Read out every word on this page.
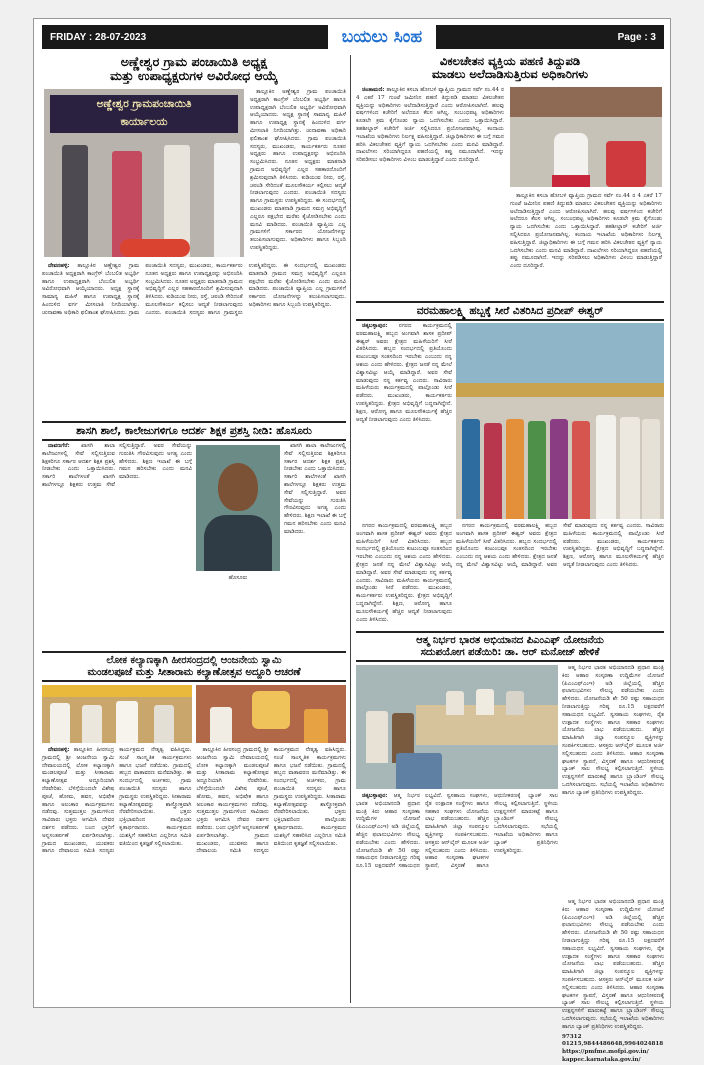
FRIDAY : 28-07-2023	ಬಯಲು ಸಿಂಹ	Page : 3
ಅಣ್ಣೇಶ್ವರ ಗ್ರಾಮ ಪಂಚಾಯಿತಿ ಅಧ್ಯಕ್ಷ
ಮತ್ತು ಉಪಾಧ್ಯಕ್ಷರುಗಳ ಅವಿರೋಧ ಆಯ್ಕೆ
ಅಣ್ಣೇಶ್ವರ ಗ್ರಾಮಪಂಚಾಯಿತಿ
ಕಾರ್ಯಾಲಯ

ತಾಲ್ಲೂಕಿನ ಅಣ್ಣೇಶ್ವರ ಗ್ರಾಮ ಪಂಚಾಯಿತಿ ಅಧ್ಯಕ್ಷರಾಗಿ ಕಾಂಗ್ರೆಸ್ ಬೆಂಬಲಿತ ಅಭ್ಯರ್ಥಿ ಹಾಗೂ ಉಪಾಧ್ಯಕ್ಷರಾಗಿ ಬೆಂಬಲಿತ ಅಭ್ಯರ್ಥಿ ಅವಿರೋಧವಾಗಿ ಆಯ್ಕೆಯಾದರು. ಅಧ್ಯಕ್ಷ ಸ್ಥಾನಕ್ಕೆ ಸಾಮಾನ್ಯ ಮಹಿಳೆ ಹಾಗೂ ಉಪಾಧ್ಯಕ್ಷ ಸ್ಥಾನಕ್ಕೆ ಹಿಂದುಳಿದ ವರ್ಗ ಮೀಸಲಾತಿ ನಿಗದಿಯಾಗಿತ್ತು. ಚುನಾವಣಾ ಅಧಿಕಾರಿ ಫಲಿತಾಂಶ ಘೋಷಿಸಿದರು. ಗ್ರಾಮ ಪಂಚಾಯಿತಿ ಸದಸ್ಯರು, ಮುಖಂಡರು, ಕಾರ್ಯಕರ್ತರು ನೂತನ ಅಧ್ಯಕ್ಷರು ಹಾಗೂ ಉಪಾಧ್ಯಕ್ಷರನ್ನು ಅಭಿನಂದಿಸಿ ಸಂಭ್ರಮಿಸಿದರು. ನೂತನ ಅಧ್ಯಕ್ಷರು ಮಾತನಾಡಿ ಗ್ರಾಮದ ಅಭಿವೃದ್ಧಿಗೆ ಎಲ್ಲರ ಸಹಕಾರದೊಂದಿಗೆ ಶ್ರಮಿಸುವುದಾಗಿ ತಿಳಿಸಿದರು. ಕುಡಿಯುವ ನೀರು, ರಸ್ತೆ, ಚರಂಡಿ ಸೇರಿದಂತೆ ಮೂಲಸೌಕರ್ಯ ಕಲ್ಪಿಸಲು ಆದ್ಯತೆ ನೀಡಲಾಗುವುದು ಎಂದರು. ಪಂಚಾಯಿತಿ ಸದಸ್ಯರು ಹಾಗೂ ಗ್ರಾಮಸ್ಥರು ಉಪಸ್ಥಿತರಿದ್ದರು. ಈ ಸಂದರ್ಭದಲ್ಲಿ ಮುಖಂಡರು ಮಾತನಾಡಿ ಗ್ರಾಮದ ಸಮಗ್ರ ಅಭಿವೃದ್ಧಿಗೆ ಎಲ್ಲರೂ ಪಕ್ಷಭೇದ ಮರೆತು ಕೈಜೋಡಿಸಬೇಕು ಎಂದು ಮನವಿ ಮಾಡಿದರು. ಪಂಚಾಯಿತಿ ವ್ಯಾಪ್ತಿಯ ಎಲ್ಲ ಗ್ರಾಮಗಳಿಗೆ ಸರ್ಕಾರದ ಯೋಜನೆಗಳನ್ನು ತಲುಪಿಸಲಾಗುವುದು. ಅಧಿಕಾರಿಗಳು ಹಾಗೂ ಸಿಬ್ಬಂದಿ ಉಪಸ್ಥಿತರಿದ್ದರು.

ದೇವನಹಳ್ಳಿ: ತಾಲ್ಲೂಕಿನ ಅಣ್ಣೇಶ್ವರ ಗ್ರಾಮ ಪಂಚಾಯಿತಿ ಅಧ್ಯಕ್ಷರಾಗಿ ಕಾಂಗ್ರೆಸ್ ಬೆಂಬಲಿತ ಅಭ್ಯರ್ಥಿ ಹಾಗೂ ಉಪಾಧ್ಯಕ್ಷರಾಗಿ ಬೆಂಬಲಿತ ಅಭ್ಯರ್ಥಿ ಅವಿರೋಧವಾಗಿ ಆಯ್ಕೆಯಾದರು. ಅಧ್ಯಕ್ಷ ಸ್ಥಾನಕ್ಕೆ ಸಾಮಾನ್ಯ ಮಹಿಳೆ ಹಾಗೂ ಉಪಾಧ್ಯಕ್ಷ ಸ್ಥಾನಕ್ಕೆ ಹಿಂದುಳಿದ ವರ್ಗ ಮೀಸಲಾತಿ ನಿಗದಿಯಾಗಿತ್ತು. ಚುನಾವಣಾ ಅಧಿಕಾರಿ ಫಲಿತಾಂಶ ಘೋಷಿಸಿದರು. ಗ್ರಾಮ ಪಂಚಾಯಿತಿ ಸದಸ್ಯರು, ಮುಖಂಡರು, ಕಾರ್ಯಕರ್ತರು ನೂತನ ಅಧ್ಯಕ್ಷರು ಹಾಗೂ ಉಪಾಧ್ಯಕ್ಷರನ್ನು ಅಭಿನಂದಿಸಿ ಸಂಭ್ರಮಿಸಿದರು. ನೂತನ ಅಧ್ಯಕ್ಷರು ಮಾತನಾಡಿ ಗ್ರಾಮದ ಅಭಿವೃದ್ಧಿಗೆ ಎಲ್ಲರ ಸಹಕಾರದೊಂದಿಗೆ ಶ್ರಮಿಸುವುದಾಗಿ ತಿಳಿಸಿದರು. ಕುಡಿಯುವ ನೀರು, ರಸ್ತೆ, ಚರಂಡಿ ಸೇರಿದಂತೆ ಮೂಲಸೌಕರ್ಯ ಕಲ್ಪಿಸಲು ಆದ್ಯತೆ ನೀಡಲಾಗುವುದು ಎಂದರು. ಪಂಚಾಯಿತಿ ಸದಸ್ಯರು ಹಾಗೂ ಗ್ರಾಮಸ್ಥರು ಉಪಸ್ಥಿತರಿದ್ದರು. ಈ ಸಂದರ್ಭದಲ್ಲಿ ಮುಖಂಡರು ಮಾತನಾಡಿ ಗ್ರಾಮದ ಸಮಗ್ರ ಅಭಿವೃದ್ಧಿಗೆ ಎಲ್ಲರೂ ಪಕ್ಷಭೇದ ಮರೆತು ಕೈಜೋಡಿಸಬೇಕು ಎಂದು ಮನವಿ ಮಾಡಿದರು. ಪಂಚಾಯಿತಿ ವ್ಯಾಪ್ತಿಯ ಎಲ್ಲ ಗ್ರಾಮಗಳಿಗೆ ಸರ್ಕಾರದ ಯೋಜನೆಗಳನ್ನು ತಲುಪಿಸಲಾಗುವುದು. ಅಧಿಕಾರಿಗಳು ಹಾಗೂ ಸಿಬ್ಬಂದಿ ಉಪಸ್ಥಿತರಿದ್ದರು.

ಶಾಸಗಿ ಶಾಲೆ, ಕಾಲೇಜುಗಳಿಗೂ ಆದರ್ಶ ಶಿಕ್ಷಕ ಪ್ರಶಸ್ತಿ ನೀಡಿ: ಹೊಸೂರು

ದಾವಣಗೆರೆ: ಖಾಸಗಿ ಶಾಲಾ ಕಾಲೇಜುಗಳಲ್ಲಿ ಸೇವೆ ಸಲ್ಲಿಸುತ್ತಿರುವ ಶಿಕ್ಷಕರಿಗೂ ಸರ್ಕಾರ ಆದರ್ಶ ಶಿಕ್ಷಕ ಪ್ರಶಸ್ತಿ ನೀಡಬೇಕು ಎಂದು ಒತ್ತಾಯಿಸಿದರು. ಸರ್ಕಾರಿ ಶಾಲೆಗಳಂತೆ ಖಾಸಗಿ ಶಾಲೆಗಳಲ್ಲೂ ಶಿಕ್ಷಕರು ಉತ್ತಮ ಸೇವೆ ಸಲ್ಲಿಸುತ್ತಿದ್ದಾರೆ. ಅವರ ಸೇವೆಯನ್ನು ಗುರುತಿಸಿ ಗೌರವಿಸುವುದು ಅಗತ್ಯ ಎಂದು ಹೇಳಿದರು. ಶಿಕ್ಷಣ ಇಲಾಖೆ ಈ ಬಗ್ಗೆ ಗಮನ ಹರಿಸಬೇಕು ಎಂದು ಮನವಿ ಮಾಡಿದರು.

ಹೊಸೂರು

ಖಾಸಗಿ ಶಾಲಾ ಕಾಲೇಜುಗಳಲ್ಲಿ ಸೇವೆ ಸಲ್ಲಿಸುತ್ತಿರುವ ಶಿಕ್ಷಕರಿಗೂ ಸರ್ಕಾರ ಆದರ್ಶ ಶಿಕ್ಷಕ ಪ್ರಶಸ್ತಿ ನೀಡಬೇಕು ಎಂದು ಒತ್ತಾಯಿಸಿದರು. ಸರ್ಕಾರಿ ಶಾಲೆಗಳಂತೆ ಖಾಸಗಿ ಶಾಲೆಗಳಲ್ಲೂ ಶಿಕ್ಷಕರು ಉತ್ತಮ ಸೇವೆ ಸಲ್ಲಿಸುತ್ತಿದ್ದಾರೆ. ಅವರ ಸೇವೆಯನ್ನು ಗುರುತಿಸಿ ಗೌರವಿಸುವುದು ಅಗತ್ಯ ಎಂದು ಹೇಳಿದರು. ಶಿಕ್ಷಣ ಇಲಾಖೆ ಈ ಬಗ್ಗೆ ಗಮನ ಹರಿಸಬೇಕು ಎಂದು ಮನವಿ ಮಾಡಿದರು.

ಲೋಕ ಕಲ್ಯಾಣಕ್ಕಾಗಿ ಹೀರಸಂದ್ರದಲ್ಲಿ ಆಂಜನೇಯ ಸ್ವಾಮಿ
ಮಂಡಲಪೂಜೆ ಮತ್ತು ಸೀತಾರಾಮ ಕಲ್ಯಾಣೋತ್ಸವ ಅದ್ದೂರಿ ಆಚರಣೆ

ದೇವನಹಳ್ಳಿ: ತಾಲ್ಲೂಕಿನ ಹೀರಸಂದ್ರ ಗ್ರಾಮದಲ್ಲಿ ಶ್ರೀ ಆಂಜನೇಯ ಸ್ವಾಮಿ ದೇವಾಲಯದಲ್ಲಿ ಲೋಕ ಕಲ್ಯಾಣಕ್ಕಾಗಿ ಮಂಡಲಪೂಜೆ ಮತ್ತು ಸೀತಾರಾಮ ಕಲ್ಯಾಣೋತ್ಸವ ಅದ್ದೂರಿಯಾಗಿ ನೆರವೇರಿತು. ಬೆಳಿಗ್ಗೆಯಿಂದಲೇ ವಿಶೇಷ ಪೂಜೆ, ಹೋಮ, ಹವನ, ಅಭಿಷೇಕ ಹಾಗೂ ಅಲಂಕಾರ ಕಾರ್ಯಕ್ರಮಗಳು ನಡೆದವು. ಸುತ್ತಮುತ್ತಲ ಗ್ರಾಮಗಳಿಂದ ಸಾವಿರಾರು ಭಕ್ತರು ಆಗಮಿಸಿ ದೇವರ ದರ್ಶನ ಪಡೆದರು. ಬಂದ ಭಕ್ತರಿಗೆ ಅನ್ನಸಂತರ್ಪಣೆ ಏರ್ಪಡಿಸಲಾಗಿತ್ತು. ಗ್ರಾಮದ ಮುಖಂಡರು, ಯುವಕರು ಹಾಗೂ ದೇವಾಲಯ ಸಮಿತಿ ಸದಸ್ಯರು ಕಾರ್ಯಕ್ರಮದ ನೇತೃತ್ವ ವಹಿಸಿದ್ದರು. ಸಂಜೆ ಸಾಂಸ್ಕೃತಿಕ ಕಾರ್ಯಕ್ರಮಗಳು ಹಾಗೂ ಭಜನೆ ನಡೆಯಿತು. ಗ್ರಾಮದಲ್ಲಿ ಹಬ್ಬದ ವಾತಾವರಣ ಮನೆಮಾಡಿತ್ತು. ಈ ಸಂದರ್ಭದಲ್ಲಿ ಅರ್ಚಕರು, ಗ್ರಾಮ ಪಂಚಾಯಿತಿ ಸದಸ್ಯರು ಹಾಗೂ ಗ್ರಾಮಸ್ಥರು ಉಪಸ್ಥಿತರಿದ್ದರು. ಸೀತಾರಾಮ ಕಲ್ಯಾಣೋತ್ಸವವನ್ನು ಶಾಸ್ತ್ರೋಕ್ತವಾಗಿ ನೆರವೇರಿಸಲಾಯಿತು. ಭಕ್ತರು ಭಕ್ತಿಭಾವದಿಂದ ಪಾಲ್ಗೊಂಡು ಕೃತಾರ್ಥರಾದರು. ಕಾರ್ಯಕ್ರಮದ ಯಶಸ್ಸಿಗೆ ಸಹಕರಿಸಿದ ಎಲ್ಲರಿಗೂ ಸಮಿತಿ ವತಿಯಿಂದ ಕೃತಜ್ಞತೆ ಸಲ್ಲಿಸಲಾಯಿತು.

ತಾಲ್ಲೂಕಿನ ಹೀರಸಂದ್ರ ಗ್ರಾಮದಲ್ಲಿ ಶ್ರೀ ಆಂಜನೇಯ ಸ್ವಾಮಿ ದೇವಾಲಯದಲ್ಲಿ ಲೋಕ ಕಲ್ಯಾಣಕ್ಕಾಗಿ ಮಂಡಲಪೂಜೆ ಮತ್ತು ಸೀತಾರಾಮ ಕಲ್ಯಾಣೋತ್ಸವ ಅದ್ದೂರಿಯಾಗಿ ನೆರವೇರಿತು. ಬೆಳಿಗ್ಗೆಯಿಂದಲೇ ವಿಶೇಷ ಪೂಜೆ, ಹೋಮ, ಹವನ, ಅಭಿಷೇಕ ಹಾಗೂ ಅಲಂಕಾರ ಕಾರ್ಯಕ್ರಮಗಳು ನಡೆದವು. ಸುತ್ತಮುತ್ತಲ ಗ್ರಾಮಗಳಿಂದ ಸಾವಿರಾರು ಭಕ್ತರು ಆಗಮಿಸಿ ದೇವರ ದರ್ಶನ ಪಡೆದರು. ಬಂದ ಭಕ್ತರಿಗೆ ಅನ್ನಸಂತರ್ಪಣೆ ಏರ್ಪಡಿಸಲಾಗಿತ್ತು. ಗ್ರಾಮದ ಮುಖಂಡರು, ಯುವಕರು ಹಾಗೂ ದೇವಾಲಯ ಸಮಿತಿ ಸದಸ್ಯರು ಕಾರ್ಯಕ್ರಮದ ನೇತೃತ್ವ ವಹಿಸಿದ್ದರು. ಸಂಜೆ ಸಾಂಸ್ಕೃತಿಕ ಕಾರ್ಯಕ್ರಮಗಳು ಹಾಗೂ ಭಜನೆ ನಡೆಯಿತು. ಗ್ರಾಮದಲ್ಲಿ ಹಬ್ಬದ ವಾತಾವರಣ ಮನೆಮಾಡಿತ್ತು. ಈ ಸಂದರ್ಭದಲ್ಲಿ ಅರ್ಚಕರು, ಗ್ರಾಮ ಪಂಚಾಯಿತಿ ಸದಸ್ಯರು ಹಾಗೂ ಗ್ರಾಮಸ್ಥರು ಉಪಸ್ಥಿತರಿದ್ದರು. ಸೀತಾರಾಮ ಕಲ್ಯಾಣೋತ್ಸವವನ್ನು ಶಾಸ್ತ್ರೋಕ್ತವಾಗಿ ನೆರವೇರಿಸಲಾಯಿತು. ಭಕ್ತರು ಭಕ್ತಿಭಾವದಿಂದ ಪಾಲ್ಗೊಂಡು ಕೃತಾರ್ಥರಾದರು. ಕಾರ್ಯಕ್ರಮದ ಯಶಸ್ಸಿಗೆ ಸಹಕರಿಸಿದ ಎಲ್ಲರಿಗೂ ಸಮಿತಿ ವತಿಯಿಂದ ಕೃತಜ್ಞತೆ ಸಲ್ಲಿಸಲಾಯಿತು.

ವಿಕಲಚೇತನ ವ್ಯಕ್ತಿಯ ಪಹಣಿ ತಿದ್ದುಪಡಿ
ಮಾಡಲು ಅಲೆದಾಡಿಸುತ್ತಿರುವ ಅಧಿಕಾರಿಗಳು

ಚಿಂತಾಮಣಿ: ತಾಲ್ಲೂಕಿನ ಕಸಬಾ ಹೋಬಳಿ ವ್ಯಾಪ್ತಿಯ ಗ್ರಾಮದ ಸರ್ವೆ ನಂ.44 ರ 4 ಎಕರೆ 17 ಗುಂಟೆ ಜಮೀನಿನ ಪಹಣಿ ತಿದ್ದುಪಡಿ ಮಾಡಲು ವಿಕಲಚೇತನ ವ್ಯಕ್ತಿಯನ್ನು ಅಧಿಕಾರಿಗಳು ಅಲೆದಾಡಿಸುತ್ತಿದ್ದಾರೆ ಎಂದು ಆರೋಪಿಸಲಾಗಿದೆ. ಹಲವು ವರ್ಷಗಳಿಂದ ಕಚೇರಿಗೆ ಅಲೆದರೂ ಕೆಲಸ ಆಗಿಲ್ಲ. ಸಂಬಂಧಪಟ್ಟ ಅಧಿಕಾರಿಗಳು ಕೂಡಲೇ ಕ್ರಮ ಕೈಗೊಂಡು ನ್ಯಾಯ ಒದಗಿಸಬೇಕು ಎಂದು ಒತ್ತಾಯಿಸಿದ್ದಾರೆ. ತಹಶೀಲ್ದಾರ್ ಕಚೇರಿಗೆ ಅರ್ಜಿ ಸಲ್ಲಿಸಿದರೂ ಪ್ರಯೋಜನವಾಗಿಲ್ಲ. ಕಂದಾಯ ಇಲಾಖೆಯ ಅಧಿಕಾರಿಗಳು ನಿರ್ಲಕ್ಷ್ಯ ವಹಿಸುತ್ತಿದ್ದಾರೆ. ಜಿಲ್ಲಾಧಿಕಾರಿಗಳು ಈ ಬಗ್ಗೆ ಗಮನ ಹರಿಸಿ ವಿಕಲಚೇತನ ವ್ಯಕ್ತಿಗೆ ನ್ಯಾಯ ಒದಗಿಸಬೇಕು ಎಂದು ಮನವಿ ಮಾಡಿದ್ದಾರೆ. ದಾಖಲೆಗಳು ಸರಿಯಾಗಿದ್ದರೂ ಪಹಣಿಯಲ್ಲಿ ತಪ್ಪು ನಮೂದಾಗಿದೆ. ಇದನ್ನು ಸರಿಪಡಿಸಲು ಅಧಿಕಾರಿಗಳು ವಿಳಂಬ ಮಾಡುತ್ತಿದ್ದಾರೆ ಎಂದು ದೂರಿದ್ದಾರೆ.

ತಾಲ್ಲೂಕಿನ ಕಸಬಾ ಹೋಬಳಿ ವ್ಯಾಪ್ತಿಯ ಗ್ರಾಮದ ಸರ್ವೆ ನಂ.44 ರ 4 ಎಕರೆ 17 ಗುಂಟೆ ಜಮೀನಿನ ಪಹಣಿ ತಿದ್ದುಪಡಿ ಮಾಡಲು ವಿಕಲಚೇತನ ವ್ಯಕ್ತಿಯನ್ನು ಅಧಿಕಾರಿಗಳು ಅಲೆದಾಡಿಸುತ್ತಿದ್ದಾರೆ ಎಂದು ಆರೋಪಿಸಲಾಗಿದೆ. ಹಲವು ವರ್ಷಗಳಿಂದ ಕಚೇರಿಗೆ ಅಲೆದರೂ ಕೆಲಸ ಆಗಿಲ್ಲ. ಸಂಬಂಧಪಟ್ಟ ಅಧಿಕಾರಿಗಳು ಕೂಡಲೇ ಕ್ರಮ ಕೈಗೊಂಡು ನ್ಯಾಯ ಒದಗಿಸಬೇಕು ಎಂದು ಒತ್ತಾಯಿಸಿದ್ದಾರೆ. ತಹಶೀಲ್ದಾರ್ ಕಚೇರಿಗೆ ಅರ್ಜಿ ಸಲ್ಲಿಸಿದರೂ ಪ್ರಯೋಜನವಾಗಿಲ್ಲ. ಕಂದಾಯ ಇಲಾಖೆಯ ಅಧಿಕಾರಿಗಳು ನಿರ್ಲಕ್ಷ್ಯ ವಹಿಸುತ್ತಿದ್ದಾರೆ. ಜಿಲ್ಲಾಧಿಕಾರಿಗಳು ಈ ಬಗ್ಗೆ ಗಮನ ಹರಿಸಿ ವಿಕಲಚೇತನ ವ್ಯಕ್ತಿಗೆ ನ್ಯಾಯ ಒದಗಿಸಬೇಕು ಎಂದು ಮನವಿ ಮಾಡಿದ್ದಾರೆ. ದಾಖಲೆಗಳು ಸರಿಯಾಗಿದ್ದರೂ ಪಹಣಿಯಲ್ಲಿ ತಪ್ಪು ನಮೂದಾಗಿದೆ. ಇದನ್ನು ಸರಿಪಡಿಸಲು ಅಧಿಕಾರಿಗಳು ವಿಳಂಬ ಮಾಡುತ್ತಿದ್ದಾರೆ ಎಂದು ದೂರಿದ್ದಾರೆ.

ವರಮಹಾಲಕ್ಷ್ಮಿ ಹಬ್ಬಕ್ಕೆ ಸೀರೆ ವಿತರಿಸಿದ ಪ್ರದೀಪ್ ಈಶ್ವರ್

ಚಿಕ್ಕಬಳ್ಳಾಪುರ: ನಗರದ ಕಾರ್ಯಕ್ರಮದಲ್ಲಿ ವರಮಹಾಲಕ್ಷ್ಮಿ ಹಬ್ಬದ ಅಂಗವಾಗಿ ಶಾಸಕ ಪ್ರದೀಪ್ ಈಶ್ವರ್ ಅವರು ಕ್ಷೇತ್ರದ ಮಹಿಳೆಯರಿಗೆ ಸೀರೆ ವಿತರಿಸಿದರು. ಹಬ್ಬದ ಸಂದರ್ಭದಲ್ಲಿ ಪ್ರತಿಯೊಂದು ಕುಟುಂಬವೂ ಸಂತಸದಿಂದ ಇರಬೇಕು ಎಂಬುದು ನನ್ನ ಆಶಯ ಎಂದು ಹೇಳಿದರು. ಕ್ಷೇತ್ರದ ಜನತೆ ನನ್ನ ಮೇಲೆ ವಿಶ್ವಾಸವಿಟ್ಟು ಆಯ್ಕೆ ಮಾಡಿದ್ದಾರೆ. ಅವರ ಸೇವೆ ಮಾಡುವುದು ನನ್ನ ಕರ್ತವ್ಯ ಎಂದರು. ಸಾವಿರಾರು ಮಹಿಳೆಯರು ಕಾರ್ಯಕ್ರಮದಲ್ಲಿ ಪಾಲ್ಗೊಂಡು ಸೀರೆ ಪಡೆದರು. ಮುಖಂಡರು, ಕಾರ್ಯಕರ್ತರು ಉಪಸ್ಥಿತರಿದ್ದರು. ಕ್ಷೇತ್ರದ ಅಭಿವೃದ್ಧಿಗೆ ಬದ್ಧನಾಗಿದ್ದೇನೆ. ಶಿಕ್ಷಣ, ಆರೋಗ್ಯ ಹಾಗೂ ಮೂಲಸೌಕರ್ಯಕ್ಕೆ ಹೆಚ್ಚಿನ ಆದ್ಯತೆ ನೀಡಲಾಗುವುದು ಎಂದು ತಿಳಿಸಿದರು.

ನಗರದ ಕಾರ್ಯಕ್ರಮದಲ್ಲಿ ವರಮಹಾಲಕ್ಷ್ಮಿ ಹಬ್ಬದ ಅಂಗವಾಗಿ ಶಾಸಕ ಪ್ರದೀಪ್ ಈಶ್ವರ್ ಅವರು ಕ್ಷೇತ್ರದ ಮಹಿಳೆಯರಿಗೆ ಸೀರೆ ವಿತರಿಸಿದರು. ಹಬ್ಬದ ಸಂದರ್ಭದಲ್ಲಿ ಪ್ರತಿಯೊಂದು ಕುಟುಂಬವೂ ಸಂತಸದಿಂದ ಇರಬೇಕು ಎಂಬುದು ನನ್ನ ಆಶಯ ಎಂದು ಹೇಳಿದರು. ಕ್ಷೇತ್ರದ ಜನತೆ ನನ್ನ ಮೇಲೆ ವಿಶ್ವಾಸವಿಟ್ಟು ಆಯ್ಕೆ ಮಾಡಿದ್ದಾರೆ. ಅವರ ಸೇವೆ ಮಾಡುವುದು ನನ್ನ ಕರ್ತವ್ಯ ಎಂದರು. ಸಾವಿರಾರು ಮಹಿಳೆಯರು ಕಾರ್ಯಕ್ರಮದಲ್ಲಿ ಪಾಲ್ಗೊಂಡು ಸೀರೆ ಪಡೆದರು. ಮುಖಂಡರು, ಕಾರ್ಯಕರ್ತರು ಉಪಸ್ಥಿತರಿದ್ದರು. ಕ್ಷೇತ್ರದ ಅಭಿವೃದ್ಧಿಗೆ ಬದ್ಧನಾಗಿದ್ದೇನೆ. ಶಿಕ್ಷಣ, ಆರೋಗ್ಯ ಹಾಗೂ ಮೂಲಸೌಕರ್ಯಕ್ಕೆ ಹೆಚ್ಚಿನ ಆದ್ಯತೆ ನೀಡಲಾಗುವುದು ಎಂದು ತಿಳಿಸಿದರು.

ನಗರದ ಕಾರ್ಯಕ್ರಮದಲ್ಲಿ ವರಮಹಾಲಕ್ಷ್ಮಿ ಹಬ್ಬದ ಅಂಗವಾಗಿ ಶಾಸಕ ಪ್ರದೀಪ್ ಈಶ್ವರ್ ಅವರು ಕ್ಷೇತ್ರದ ಮಹಿಳೆಯರಿಗೆ ಸೀರೆ ವಿತರಿಸಿದರು. ಹಬ್ಬದ ಸಂದರ್ಭದಲ್ಲಿ ಪ್ರತಿಯೊಂದು ಕುಟುಂಬವೂ ಸಂತಸದಿಂದ ಇರಬೇಕು ಎಂಬುದು ನನ್ನ ಆಶಯ ಎಂದು ಹೇಳಿದರು. ಕ್ಷೇತ್ರದ ಜನತೆ ನನ್ನ ಮೇಲೆ ವಿಶ್ವಾಸವಿಟ್ಟು ಆಯ್ಕೆ ಮಾಡಿದ್ದಾರೆ. ಅವರ ಸೇವೆ ಮಾಡುವುದು ನನ್ನ ಕರ್ತವ್ಯ ಎಂದರು. ಸಾವಿರಾರು ಮಹಿಳೆಯರು ಕಾರ್ಯಕ್ರಮದಲ್ಲಿ ಪಾಲ್ಗೊಂಡು ಸೀರೆ ಪಡೆದರು. ಮುಖಂಡರು, ಕಾರ್ಯಕರ್ತರು ಉಪಸ್ಥಿತರಿದ್ದರು. ಕ್ಷೇತ್ರದ ಅಭಿವೃದ್ಧಿಗೆ ಬದ್ಧನಾಗಿದ್ದೇನೆ. ಶಿಕ್ಷಣ, ಆರೋಗ್ಯ ಹಾಗೂ ಮೂಲಸೌಕರ್ಯಕ್ಕೆ ಹೆಚ್ಚಿನ ಆದ್ಯತೆ ನೀಡಲಾಗುವುದು ಎಂದು ತಿಳಿಸಿದರು.

ಆತ್ಮ ನಿರ್ಭರ ಭಾರತ ಅಭಿಯಾನದ ಪಿಎಂಎಫ್ ಯೋಜನೆಯ
ಸದುಪಯೋಗ ಪಡೆಯಿರಿ: ಡಾ. ಆರ್ ಮನೋಜ್ ಹೇಳಿಕೆ

ಆತ್ಮ ನಿರ್ಭರ ಭಾರತ ಅಭಿಯಾನದಡಿ ಪ್ರಧಾನ ಮಂತ್ರಿ ಕಿರು ಆಹಾರ ಸಂಸ್ಕರಣಾ ಉದ್ದಿಮೆಗಳ ಯೋಜನೆ (ಪಿಎಂಎಫ್‌ಎಂಇ) ಅಡಿ ಜಿಲ್ಲೆಯಲ್ಲಿ ಹೆಚ್ಚಿನ ಫಲಾನುಭವಿಗಳು ಸೌಲಭ್ಯ ಪಡೆಯಬೇಕು ಎಂದು ಹೇಳಿದರು. ಯೋಜನೆಯಡಿ ಶೇ 50 ರಷ್ಟು ಸಹಾಯಧನ ನೀಡಲಾಗುತ್ತಿದ್ದು ಗರಿಷ್ಠ ರೂ.15 ಲಕ್ಷದವರೆಗೆ ಸಹಾಯಧನ ಲಭ್ಯವಿದೆ. ಸ್ವಸಹಾಯ ಸಂಘಗಳು, ರೈತ ಉತ್ಪಾದಕ ಸಂಸ್ಥೆಗಳು ಹಾಗೂ ಸಹಕಾರ ಸಂಘಗಳು ಯೋಜನೆಯ ಲಾಭ ಪಡೆಯಬಹುದು. ಹೆಚ್ಚಿನ ಮಾಹಿತಿಗಾಗಿ ಜಿಲ್ಲಾ ಸಂಪನ್ಮೂಲ ವ್ಯಕ್ತಿಗಳನ್ನು ಸಂಪರ್ಕಿಸಬಹುದು. ಆಸಕ್ತರು ಆನ್‌ಲೈನ್ ಮೂಲಕ ಅರ್ಜಿ ಸಲ್ಲಿಸಬಹುದು ಎಂದು ತಿಳಿಸಿದರು. ಆಹಾರ ಸಂಸ್ಕರಣಾ ಘಟಕಗಳ ಸ್ಥಾಪನೆ, ವಿಸ್ತರಣೆ ಹಾಗೂ ಆಧುನೀಕರಣಕ್ಕೆ ಬ್ಯಾಂಕ್ ಸಾಲ ಸೌಲಭ್ಯ ಕಲ್ಪಿಸಲಾಗುತ್ತಿದೆ. ಸ್ಥಳೀಯ ಉತ್ಪನ್ನಗಳಿಗೆ ಮಾರುಕಟ್ಟೆ ಹಾಗೂ ಬ್ರ್ಯಾಂಡಿಂಗ್ ಸೌಲಭ್ಯ ಒದಗಿಸಲಾಗುವುದು. ಸಭೆಯಲ್ಲಿ ಇಲಾಖೆಯ ಅಧಿಕಾರಿಗಳು ಹಾಗೂ ಬ್ಯಾಂಕ್ ಪ್ರತಿನಿಧಿಗಳು ಉಪಸ್ಥಿತರಿದ್ದರು.

ಚಿಕ್ಕಬಳ್ಳಾಪುರ: ಆತ್ಮ ನಿರ್ಭರ ಭಾರತ ಅಭಿಯಾನದಡಿ ಪ್ರಧಾನ ಮಂತ್ರಿ ಕಿರು ಆಹಾರ ಸಂಸ್ಕರಣಾ ಉದ್ದಿಮೆಗಳ ಯೋಜನೆ (ಪಿಎಂಎಫ್‌ಎಂಇ) ಅಡಿ ಜಿಲ್ಲೆಯಲ್ಲಿ ಹೆಚ್ಚಿನ ಫಲಾನುಭವಿಗಳು ಸೌಲಭ್ಯ ಪಡೆಯಬೇಕು ಎಂದು ಹೇಳಿದರು. ಯೋಜನೆಯಡಿ ಶೇ 50 ರಷ್ಟು ಸಹಾಯಧನ ನೀಡಲಾಗುತ್ತಿದ್ದು ಗರಿಷ್ಠ ರೂ.15 ಲಕ್ಷದವರೆಗೆ ಸಹಾಯಧನ ಲಭ್ಯವಿದೆ. ಸ್ವಸಹಾಯ ಸಂಘಗಳು, ರೈತ ಉತ್ಪಾದಕ ಸಂಸ್ಥೆಗಳು ಹಾಗೂ ಸಹಕಾರ ಸಂಘಗಳು ಯೋಜನೆಯ ಲಾಭ ಪಡೆಯಬಹುದು. ಹೆಚ್ಚಿನ ಮಾಹಿತಿಗಾಗಿ ಜಿಲ್ಲಾ ಸಂಪನ್ಮೂಲ ವ್ಯಕ್ತಿಗಳನ್ನು ಸಂಪರ್ಕಿಸಬಹುದು. ಆಸಕ್ತರು ಆನ್‌ಲೈನ್ ಮೂಲಕ ಅರ್ಜಿ ಸಲ್ಲಿಸಬಹುದು ಎಂದು ತಿಳಿಸಿದರು. ಆಹಾರ ಸಂಸ್ಕರಣಾ ಘಟಕಗಳ ಸ್ಥಾಪನೆ, ವಿಸ್ತರಣೆ ಹಾಗೂ ಆಧುನೀಕರಣಕ್ಕೆ ಬ್ಯಾಂಕ್ ಸಾಲ ಸೌಲಭ್ಯ ಕಲ್ಪಿಸಲಾಗುತ್ತಿದೆ. ಸ್ಥಳೀಯ ಉತ್ಪನ್ನಗಳಿಗೆ ಮಾರುಕಟ್ಟೆ ಹಾಗೂ ಬ್ರ್ಯಾಂಡಿಂಗ್ ಸೌಲಭ್ಯ ಒದಗಿಸಲಾಗುವುದು. ಸಭೆಯಲ್ಲಿ ಇಲಾಖೆಯ ಅಧಿಕಾರಿಗಳು ಹಾಗೂ ಬ್ಯಾಂಕ್ ಪ್ರತಿನಿಧಿಗಳು ಉಪಸ್ಥಿತರಿದ್ದರು.

ಆತ್ಮ ನಿರ್ಭರ ಭಾರತ ಅಭಿಯಾನದಡಿ ಪ್ರಧಾನ ಮಂತ್ರಿ ಕಿರು ಆಹಾರ ಸಂಸ್ಕರಣಾ ಉದ್ದಿಮೆಗಳ ಯೋಜನೆ (ಪಿಎಂಎಫ್‌ಎಂಇ) ಅಡಿ ಜಿಲ್ಲೆಯಲ್ಲಿ ಹೆಚ್ಚಿನ ಫಲಾನುಭವಿಗಳು ಸೌಲಭ್ಯ ಪಡೆಯಬೇಕು ಎಂದು ಹೇಳಿದರು. ಯೋಜನೆಯಡಿ ಶೇ 50 ರಷ್ಟು ಸಹಾಯಧನ ನೀಡಲಾಗುತ್ತಿದ್ದು ಗರಿಷ್ಠ ರೂ.15 ಲಕ್ಷದವರೆಗೆ ಸಹಾಯಧನ ಲಭ್ಯವಿದೆ. ಸ್ವಸಹಾಯ ಸಂಘಗಳು, ರೈತ ಉತ್ಪಾದಕ ಸಂಸ್ಥೆಗಳು ಹಾಗೂ ಸಹಕಾರ ಸಂಘಗಳು ಯೋಜನೆಯ ಲಾಭ ಪಡೆಯಬಹುದು. ಹೆಚ್ಚಿನ ಮಾಹಿತಿಗಾಗಿ ಜಿಲ್ಲಾ ಸಂಪನ್ಮೂಲ ವ್ಯಕ್ತಿಗಳನ್ನು ಸಂಪರ್ಕಿಸಬಹುದು. ಆಸಕ್ತರು ಆನ್‌ಲೈನ್ ಮೂಲಕ ಅರ್ಜಿ ಸಲ್ಲಿಸಬಹುದು ಎಂದು ತಿಳಿಸಿದರು. ಆಹಾರ ಸಂಸ್ಕರಣಾ ಘಟಕಗಳ ಸ್ಥಾಪನೆ, ವಿಸ್ತರಣೆ ಹಾಗೂ ಆಧುನೀಕರಣಕ್ಕೆ ಬ್ಯಾಂಕ್ ಸಾಲ ಸೌಲಭ್ಯ ಕಲ್ಪಿಸಲಾಗುತ್ತಿದೆ. ಸ್ಥಳೀಯ ಉತ್ಪನ್ನಗಳಿಗೆ ಮಾರುಕಟ್ಟೆ ಹಾಗೂ ಬ್ರ್ಯಾಂಡಿಂಗ್ ಸೌಲಭ್ಯ ಒದಗಿಸಲಾಗುವುದು. ಸಭೆಯಲ್ಲಿ ಇಲಾಖೆಯ ಅಧಿಕಾರಿಗಳು ಹಾಗೂ ಬ್ಯಾಂಕ್ ಪ್ರತಿನಿಧಿಗಳು ಉಪಸ್ಥಿತರಿದ್ದರು.

97312 01215,9844486648,9964024818
https://pmfme.mofpi.gov.in/
kappec.karnataka.gov.in/
